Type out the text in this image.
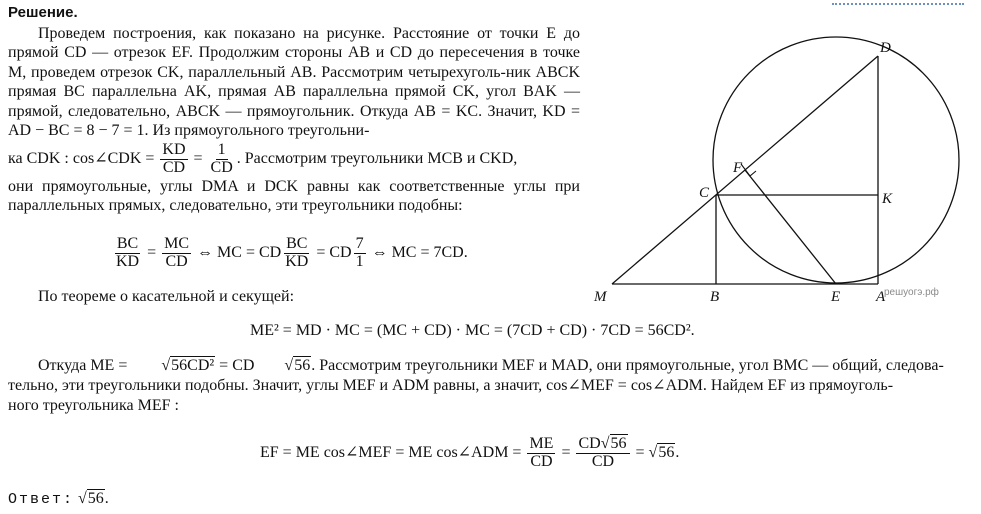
Решение.

Проведем построения, как показано на рисунке. Расстояние от точки E до прямой CD — отрезок EF. Продолжим стороны AB и CD до пересечения в точке M, проведем отрезок CK, параллельный AB. Рассмотрим четырехуголь-ник ABCK прямая BC параллельна AK, прямая AB параллельна прямой CK, угол BAK — прямой, следовательно, ABCK — прямоугольник. Откуда AB = KC. Значит, KD = AD − BC = 8 − 7 = 1. Из прямоугольного треугольни-

ка CDK : cos∠CDK = $\frac{KD}{CD} = \frac{1}{CD}$ . Рассмотрим треугольники MCB и CKD,

они прямоугольные, углы DMA и DCK равны как соответственные углы при параллельных прямых, следовательно, эти треугольники подобны:

$\frac{BC}{KD} = \frac{MC}{CD}$ ⇔ MC = CD $\frac{BC}{KD}$ = CD $\frac{7}{1}$ ⇔ MC = 7CD.
По теореме о касательной и секущей:
ME² = MD · MC = (MC + CD) · MC = (7CD + CD) · 7CD = 56CD².
Откуда ME = √56CD² = CD √56. Рассмотрим треугольники MEF и MAD, они прямоугольные, угол BMC — общий, следова-
тельно, эти треугольники подобны. Значит, углы MEF и ADM равны, а значит, cos∠MEF = cos∠ADM. Найдем EF из прямоуголь-
ного треугольника MEF :
EF = ME cos∠MEF = ME cos∠ADM = $\frac{ME}{CD} = \frac{CD√56}{CD} = √56$.
Ответ: √56.
D
F
C	K
M	B	E A
решуогэ.рф
